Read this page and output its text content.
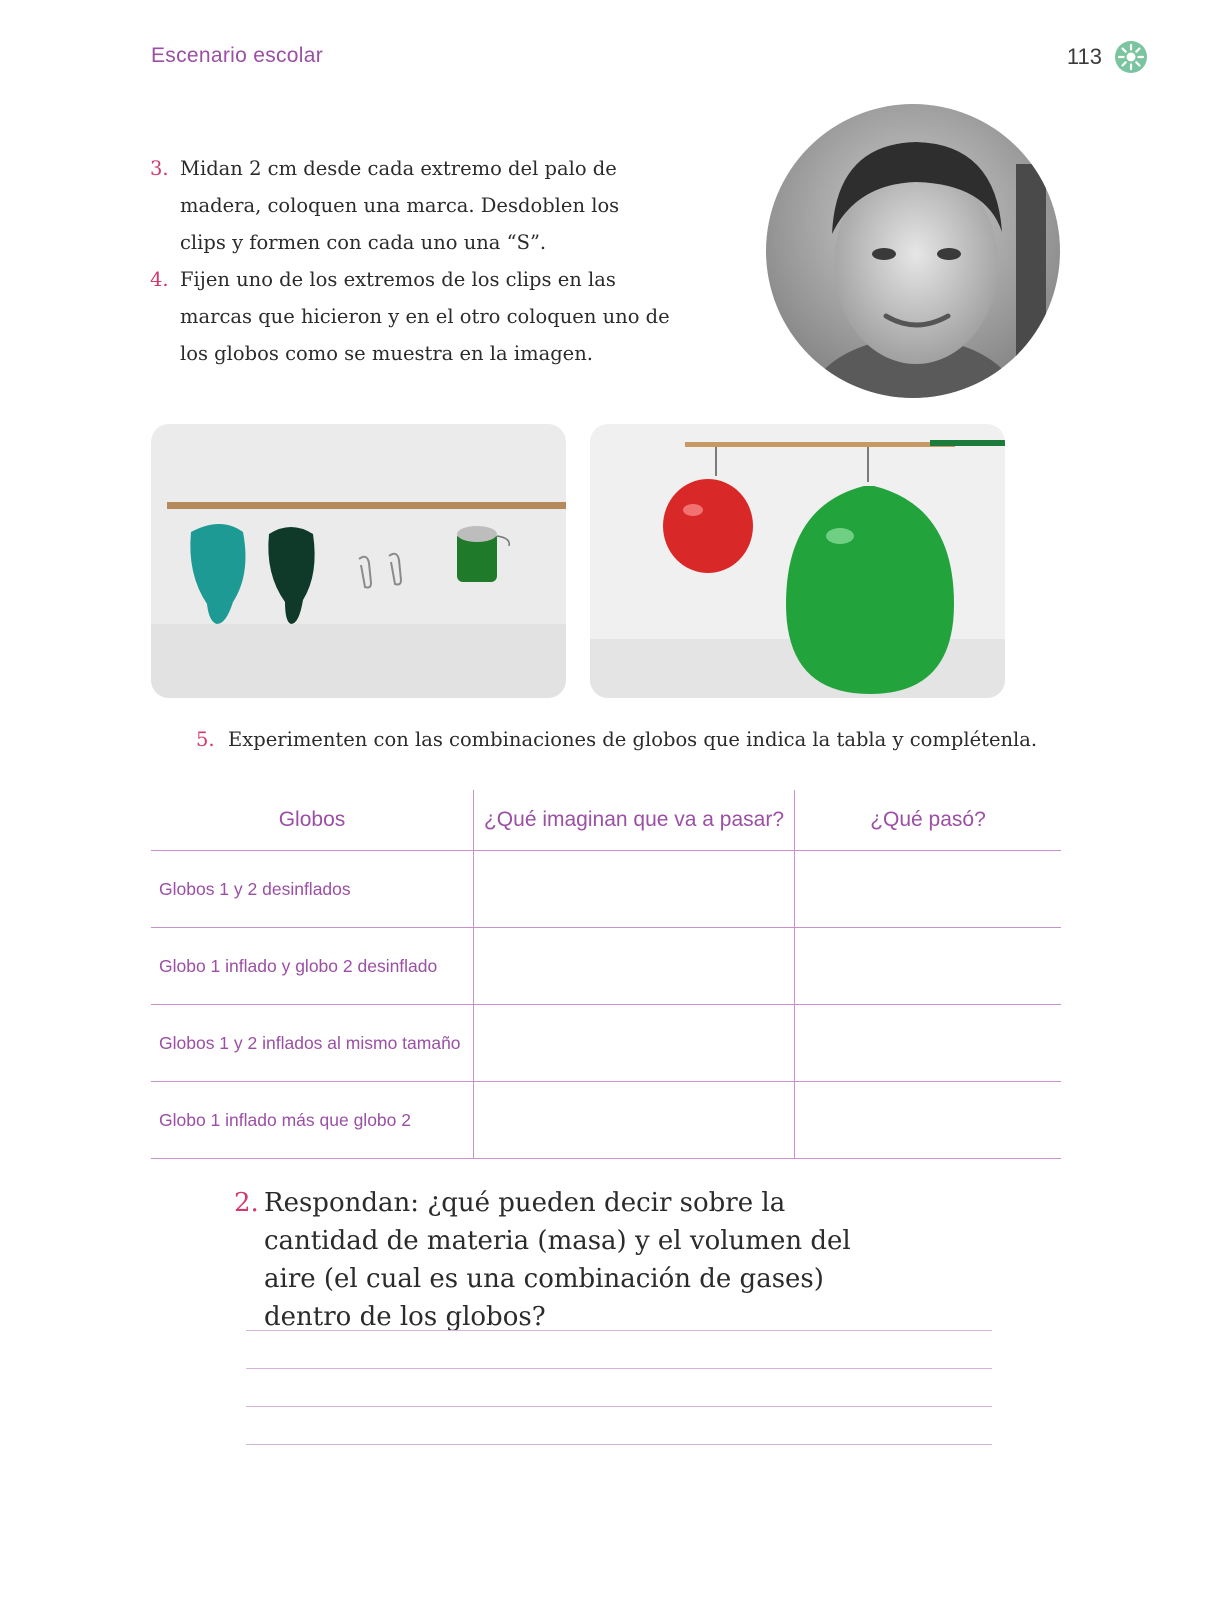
Escenario escolar	113
3. Midan 2 cm desde cada extremo del palo de madera, coloquen una marca. Desdoblen los clips y formen con cada uno una “S”.
4. Fijen uno de los extremos de los clips en las marcas que hicieron y en el otro coloquen uno de los globos como se muestra en la imagen.
5. Experimenten con las combinaciones de globos que indica la tabla y complétenla.
Globos	¿Qué imaginan que va a pasar?	¿Qué pasó?
Globos 1 y 2 desinflados		
Globo 1 inflado y globo 2 desinflado		
Globos 1 y 2 inflados al mismo tamaño		
Globo 1 inflado más que globo 2		
2. Respondan: ¿qué pueden decir sobre la cantidad de materia (masa) y el volumen del aire (el cual es una combinación de gases) dentro de los globos?
